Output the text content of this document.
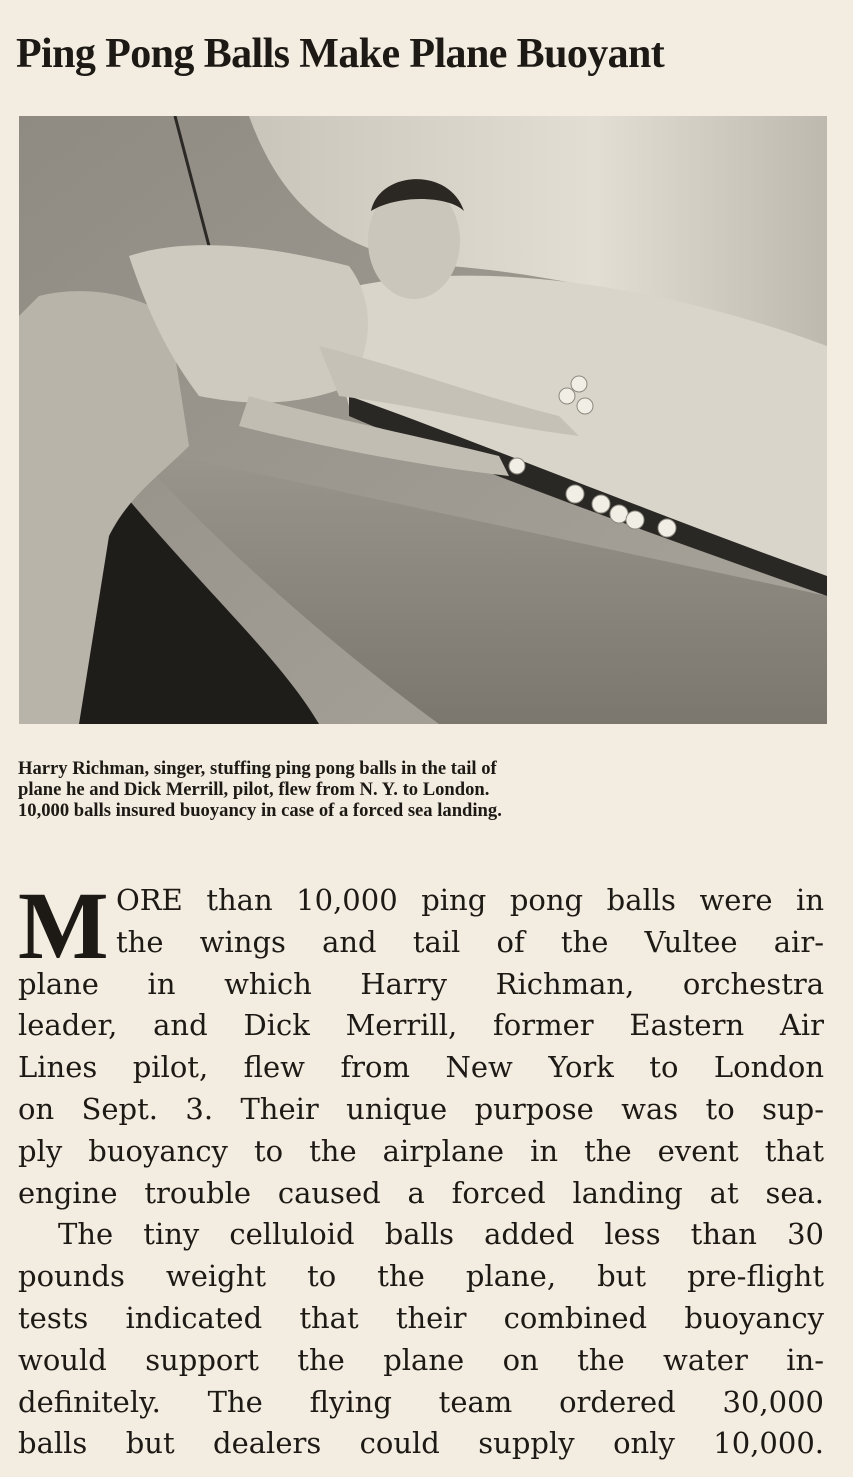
Ping Pong Balls Make Plane Buoyant

Harry Richman, singer, stuffing ping pong balls in the tail of
plane he and Dick Merrill, pilot, flew from N. Y. to London.
10,000 balls insured buoyancy in case of a forced sea landing.

M ORE than 10,000 ping pong balls were in
the wings and tail of the Vultee air-
plane in which Harry Richman, orchestra
leader, and Dick Merrill, former Eastern Air
Lines pilot, flew from New York to London
on Sept. 3. Their unique purpose was to sup-
ply buoyancy to the airplane in the event that
engine trouble caused a forced landing at sea.
The tiny celluloid balls added less than 30
pounds weight to the plane, but pre-flight
tests indicated that their combined buoyancy
would support the plane on the water in-
definitely. The flying team ordered 30,000
balls but dealers could supply only 10,000.
